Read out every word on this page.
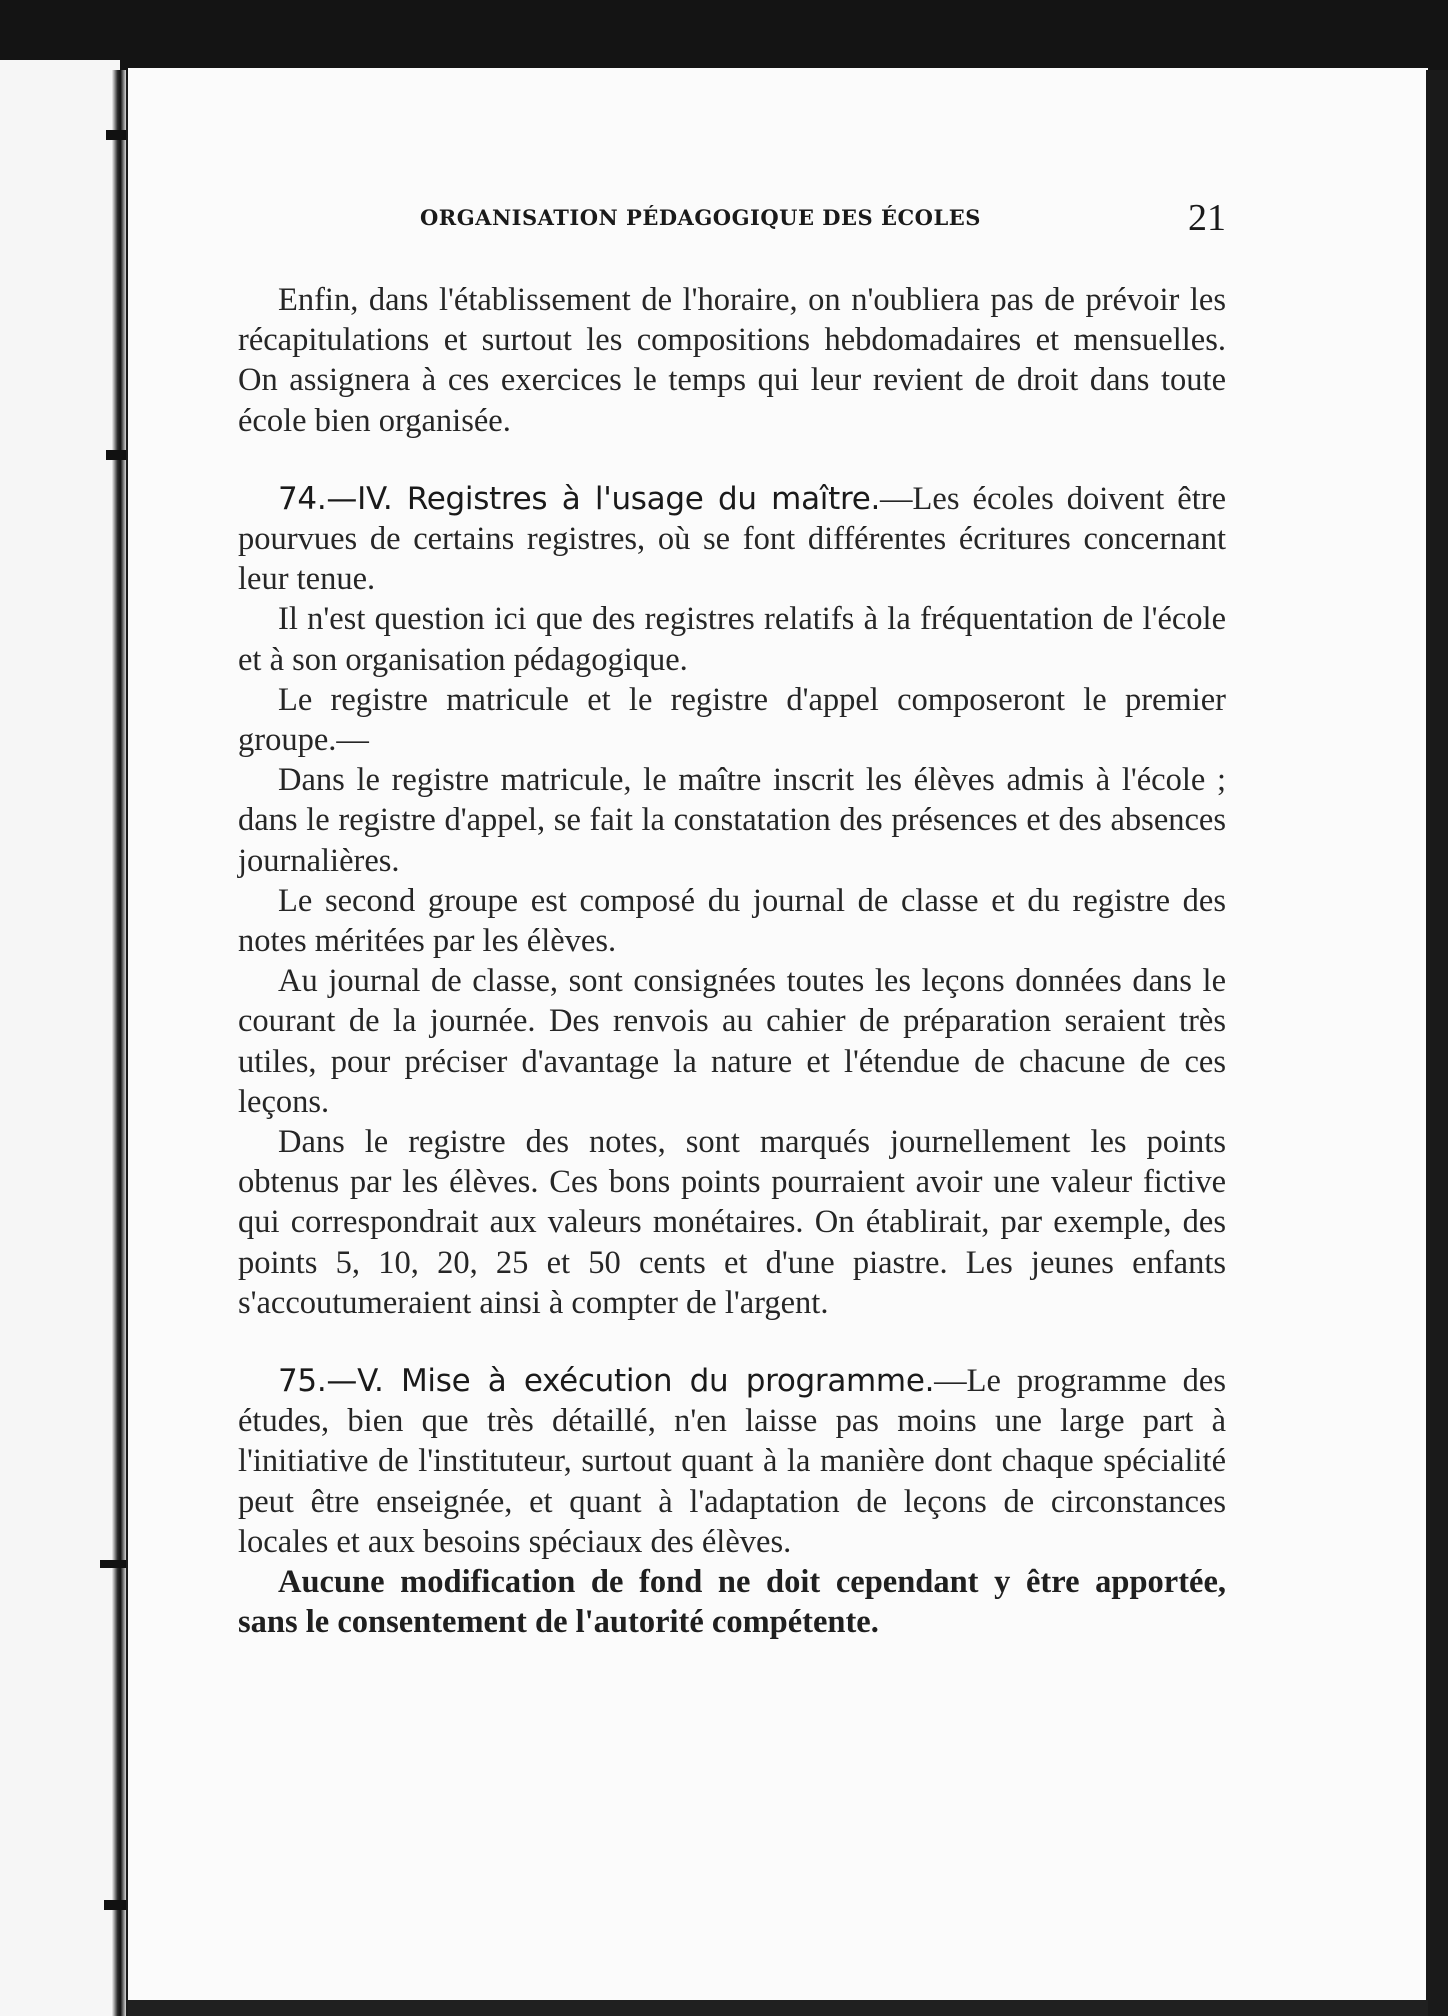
ORGANISATION PÉDAGOGIQUE DES ÉCOLES	21

Enfin, dans l'établissement de l'horaire, on n'oubliera pas de prévoir les récapitulations et surtout les compositions hebdomadaires et mensuelles. On assignera à ces exercices le temps qui leur revient de droit dans toute école bien organisée.

74.—IV. Registres à l'usage du maître.—Les écoles doivent être pourvues de certains registres, où se font différentes écritures concernant leur tenue.

Il n'est question ici que des registres relatifs à la fréquentation de l'école et à son organisation pédagogique.

Le registre matricule et le registre d'appel composeront le premier groupe.—

Dans le registre matricule, le maître inscrit les élèves admis à l'école ; dans le registre d'appel, se fait la constatation des présences et des absences journalières.

Le second groupe est composé du journal de classe et du registre des notes méritées par les élèves.

Au journal de classe, sont consignées toutes les leçons données dans le courant de la journée. Des renvois au cahier de préparation seraient très utiles, pour préciser d'avantage la nature et l'étendue de chacune de ces leçons.

Dans le registre des notes, sont marqués journellement les points obtenus par les élèves. Ces bons points pourraient avoir une valeur fictive qui correspondrait aux valeurs monétaires. On établirait, par exemple, des points 5, 10, 20, 25 et 50 cents et d'une piastre. Les jeunes enfants s'accoutumeraient ainsi à compter de l'argent.

75.—V. Mise à exécution du programme.—Le programme des études, bien que très détaillé, n'en laisse pas moins une large part à l'initiative de l'instituteur, surtout quant à la manière dont chaque spécialité peut être enseignée, et quant à l'adaptation de leçons de circonstances locales et aux besoins spéciaux des élèves.

Aucune modification de fond ne doit cependant y être apportée, sans le consentement de l'autorité compétente.
